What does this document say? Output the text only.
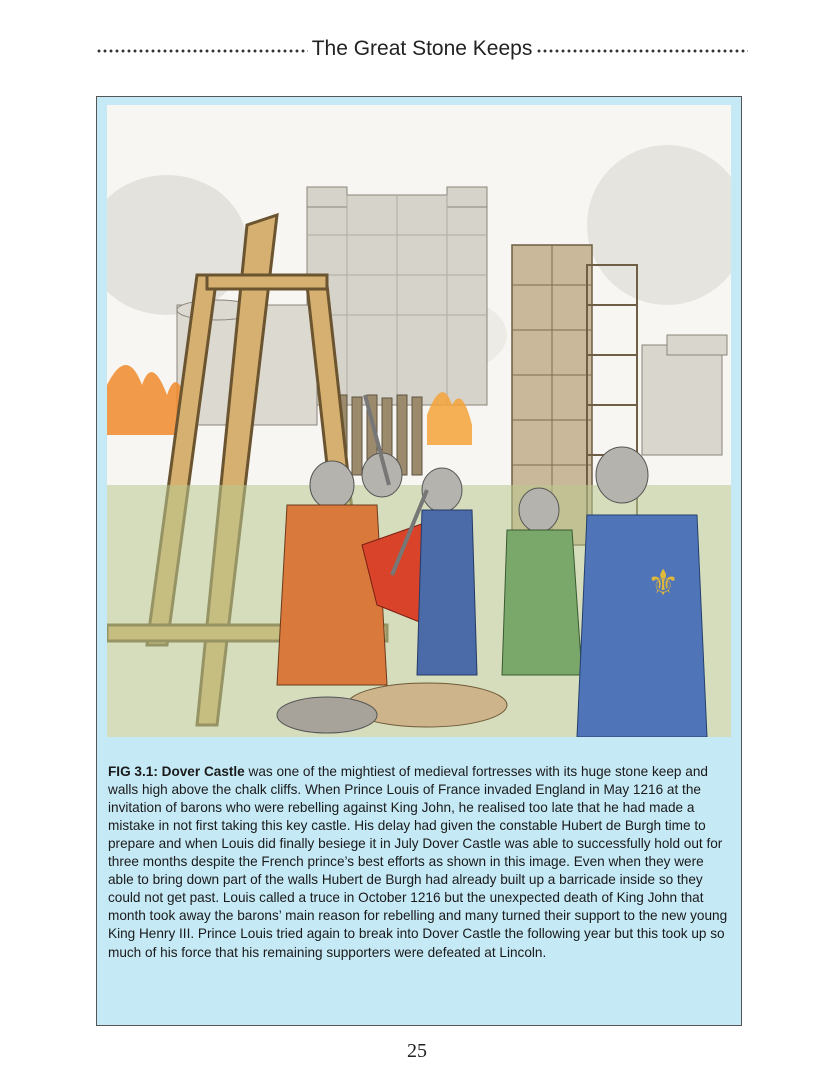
The Great Stone Keeps
⚜

FIG 3.1: Dover Castle was one of the mightiest of medieval fortresses with its huge stone keep and walls high above the chalk cliffs. When Prince Louis of France invaded England in May 1216 at the invitation of barons who were rebelling against King John, he realised too late that he had made a mistake in not first taking this key castle. His delay had given the constable Hubert de Burgh time to prepare and when Louis did finally besiege it in July Dover Castle was able to successfully hold out for three months despite the French prince’s best efforts as shown in this image. Even when they were able to bring down part of the walls Hubert de Burgh had already built up a barricade inside so they could not get past. Louis called a truce in October 1216 but the unexpected death of King John that month took away the barons’ main reason for rebelling and many turned their support to the new young King Henry III. Prince Louis tried again to break into Dover Castle the following year but this took up so much of his force that his remaining supporters were defeated at Lincoln.

25
